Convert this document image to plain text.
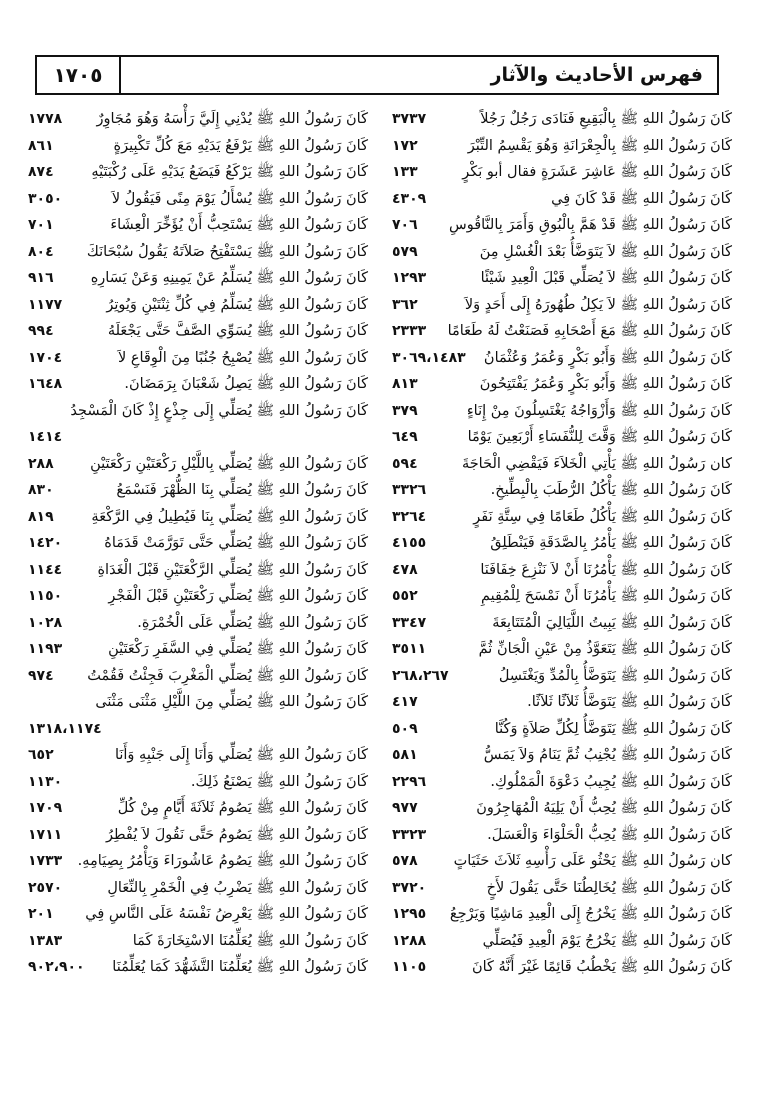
١٧٠٥	فهرس الأحاديث والآثار
كَانَ رَسُولُ اللهِ ﷺ بِالْبَقِيعِ فَنَادَى رَجُلٌ رَجُلاً
٣٧٣٧
كَانَ رَسُولُ اللهِ ﷺ بِالْجِعْرَانَةِ وَهُوَ يَقْسِمُ التِّبْرَ
١٧٢
كَانَ رَسُولُ اللهِ ﷺ عَاشِرَ عَشَرَةٍ فقال أبو بَكْرٍ
١٣٣
كَانَ رَسُولُ اللهِ ﷺ قَدْ كَانَ فِي
٤٣٠٩
كَانَ رَسُولُ اللهِ ﷺ قَدْ هَمَّ بِالْبُوقِ وَأَمَرَ بِالنَّاقُوسِ
٧٠٦
كَانَ رَسُولُ اللهِ ﷺ لاَ يَتَوَضَّأُ بَعْدَ الْغُسْلِ مِنَ
٥٧٩
كَانَ رَسُولُ اللهِ ﷺ لاَ يُصَلِّي قَبْلَ الْعِيدِ شَيْئًا
١٢٩٣
كَانَ رَسُولُ اللهِ ﷺ لاَ يَكِلُ طُهُورَهُ إِلَى أَحَدٍ وَلاَ
٣٦٢
كَانَ رَسُولُ اللهِ ﷺ مَعَ أَصْحَابِهِ فَصَنَعْتُ لَهُ طَعَامًا
٢٣٣٣
كَانَ رَسُولُ اللهِ ﷺ وَأَبُو بَكْرٍ وَعُمَرُ وَعُثْمَانُ
٣٠٦٩،١٤٨٣
كَانَ رَسُولُ اللهِ ﷺ وَأَبُو بَكْرٍ وَعُمَرُ يَفْتَتِحُونَ
٨١٣
كَانَ رَسُولُ اللهِ ﷺ وَأَزْوَاجُهُ يَغْتَسِلُونَ مِنْ إِنَاءٍ
٣٧٩
كَانَ رَسُولُ اللهِ ﷺ وَقَّتَ لِلنُّفَسَاءِ أَرْبَعِينَ يَوْمًا
٦٤٩
كان رَسُولُ اللهِ ﷺ يَأْتِي الْخَلاَءَ فَيَقْضِي الْحَاجَةَ
٥٩٤
كَانَ رَسُولُ اللهِ ﷺ يَأْكُلُ الرُّطَبَ بِالْبِطِّيخِ.
٣٣٢٦
كَانَ رَسُولُ اللهِ ﷺ يَأْكُلُ طَعَامًا فِي سِتَّةِ نَفَرٍ
٣٢٦٤
كَانَ رَسُولُ اللهِ ﷺ يَأْمُرُ بِالصَّدَقَةِ فَيَنْطَلِقُ
٤١٥٥
كَانَ رَسُولُ اللهِ ﷺ يَأْمُرُنَا أَنْ لاَ نَنْزِعَ خِفَافَنَا
٤٧٨
كَانَ رَسُولُ اللهِ ﷺ يَأْمُرُنَا أَنْ نَمْسَحَ لِلْمُقِيمِ
٥٥٢
كَانَ رَسُولُ اللهِ ﷺ يَبِيتُ اللَّيَالِيَ الْمُتَتَابِعَةَ
٣٣٤٧
كَانَ رَسُولُ اللهِ ﷺ يَتَعَوَّذُ مِنْ عَيْنِ الْجَانِّ ثُمَّ
٣٥١١
كَانَ رَسُولُ اللهِ ﷺ يَتَوَضَّأُ بِالْمُدِّ وَيَغْتَسِلُ
٢٦٨،٢٦٧
كَانَ رَسُولُ اللهِ ﷺ يَتَوَضَّأُ ثَلاَثًا ثَلاَثًا.
٤١٧
كَانَ رَسُولُ اللهِ ﷺ يَتَوَضَّأُ لِكُلِّ صَلاَةٍ وَكُنَّا
٥٠٩
كَانَ رَسُولُ اللهِ ﷺ يُجْنِبُ ثُمَّ يَنَامُ وَلاَ يَمَسُّ
٥٨١
كَانَ رَسُولُ اللهِ ﷺ يُجِيبُ دَعْوَةَ الْمَمْلُوكِ.
٢٢٩٦
كَانَ رَسُولُ اللهِ ﷺ يُحِبُّ أَنْ يَلِيَهُ الْمُهَاجِرُونَ
٩٧٧
كَانَ رَسُولُ اللهِ ﷺ يُحِبُّ الْحَلْوَاءَ وَالْعَسَلَ.
٣٣٢٣
كان رَسُولُ اللهِ ﷺ يَحْثُو عَلَى رَأْسِهِ ثَلاَثَ حَثَيَاتٍ
٥٧٨
كَانَ رَسُولُ اللهِ ﷺ يُخَالِطُنَا حَتَّى يَقُولَ لأَخٍ
٣٧٢٠
كَانَ رَسُولُ اللهِ ﷺ يَخْرُجُ إِلَى الْعِيدِ مَاشِيًا وَيَرْجِعُ
١٢٩٥
كَانَ رَسُولُ اللهِ ﷺ يَخْرُجُ يَوْمَ الْعِيدِ فَيُصَلِّي
١٢٨٨
كَانَ رَسُولُ اللهِ ﷺ يَخْطُبُ قَائِمًا غَيْرَ أَنَّهُ كَانَ
١١٠٥
كَانَ رَسُولُ اللهِ ﷺ يُدْنِي إِلَيَّ رَأْسَهُ وَهُوَ مُجَاوِرٌ
١٧٧٨
كَانَ رَسُولُ اللهِ ﷺ يَرْفَعُ يَدَيْهِ مَعَ كُلِّ تَكْبِيرَةٍ
٨٦١
كَانَ رَسُولُ اللهِ ﷺ يَرْكَعُ فَيَضَعُ يَدَيْهِ عَلَى رُكْبَتَيْهِ
٨٧٤
كَانَ رَسُولُ اللهِ ﷺ يُسْأَلُ يَوْمَ مِنًى فَيَقُولُ لاَ
٣٠٥٠
كَانَ رَسُولُ اللهِ ﷺ يَسْتَحِبُّ أَنْ يُؤَخِّرَ الْعِشَاءَ
٧٠١
كَانَ رَسُولُ اللهِ ﷺ يَسْتَفْتِحُ صَلاَتَهُ يَقُولُ سُبْحَانَكَ
٨٠٤
كَانَ رَسُولُ اللهِ ﷺ يُسَلِّمُ عَنْ يَمِينِهِ وَعَنْ يَسَارِهِ
٩١٦
كَانَ رَسُولُ اللهِ ﷺ يُسَلِّمُ فِي كُلِّ ثِنْتَيْنِ وَيُوتِرُ
١١٧٧
كَانَ رَسُولُ اللهِ ﷺ يُسَوِّي الصَّفَّ حَتَّى يَجْعَلَهُ
٩٩٤
كَانَ رَسُولُ اللهِ ﷺ يُصْبِحُ جُنُبًا مِنَ الْوِقَاعِ لاَ
١٧٠٤
كَانَ رَسُولُ اللهِ ﷺ يَصِلُ شَعْبَانَ بِرَمَضَانَ.
١٦٤٨
كَانَ رَسُولُ اللهِ ﷺ يُصَلِّي إِلَى جِذْعٍ إِذْ كَانَ الْمَسْجِدُ
١٤١٤
كَانَ رَسُولُ اللهِ ﷺ يُصَلِّي بِاللَّيْلِ رَكْعَتَيْنِ رَكْعَتَيْنِ
٢٨٨
كَانَ رَسُولُ اللهِ ﷺ يُصَلِّي بِنَا الظُّهْرَ فَنَسْمَعُ
٨٣٠
كَانَ رَسُولُ اللهِ ﷺ يُصَلِّي بِنَا فَيُطِيلُ فِي الرَّكْعَةِ
٨١٩
كَانَ رَسُولُ اللهِ ﷺ يُصَلِّي حَتَّى تَوَرَّمَتْ قَدَمَاهُ
١٤٢٠
كَانَ رَسُولُ اللهِ ﷺ يُصَلِّي الرَّكْعَتَيْنِ قَبْلَ الْغَدَاةِ
١١٤٤
كَانَ رَسُولُ اللهِ ﷺ يُصَلِّي رَكْعَتَيْنِ قَبْلَ الْفَجْرِ
١١٥٠
كَانَ رَسُولُ اللهِ ﷺ يُصَلِّي عَلَى الْخُمْرَةِ.
١٠٢٨
كَانَ رَسُولُ اللهِ ﷺ يُصَلِّي فِي السَّفَرِ رَكْعَتَيْنِ
١١٩٣
كَانَ رَسُولُ اللهِ ﷺ يُصَلِّي الْمَغْرِبَ فَجِئْتُ فَقُمْتُ
٩٧٤
كَانَ رَسُولُ اللهِ ﷺ يُصَلِّي مِنَ اللَّيْلِ مَثْنَى مَثْنَى
١٣١٨،١١٧٤
كَانَ رَسُولُ اللهِ ﷺ يُصَلِّي وَأَنَا إِلَى جَنْبِهِ وَأَنَا
٦٥٢
كَانَ رَسُولُ اللهِ ﷺ يَصْنَعُ ذَلِكَ.
١١٣٠
كَانَ رَسُولُ اللهِ ﷺ يَصُومُ ثَلاَثَةَ أَيَّامٍ مِنْ كُلِّ
١٧٠٩
كَانَ رَسُولُ اللهِ ﷺ يَصُومُ حَتَّى نَقُولَ لاَ يُفْطِرُ
١٧١١
كَانَ رَسُولُ اللهِ ﷺ يَصُومُ عَاشُورَاءَ وَيَأْمُرُ بِصِيَامِهِ.
١٧٣٣
كَانَ رَسُولُ اللهِ ﷺ يَضْرِبُ فِي الْخَمْرِ بِالنِّعَالِ
٢٥٧٠
كَانَ رَسُولُ اللهِ ﷺ يَعْرِضُ نَفْسَهُ عَلَى النَّاسِ فِي
٢٠١
كَانَ رَسُولُ اللهِ ﷺ يُعَلِّمُنَا الاسْتِخَارَةَ كَمَا
١٣٨٣
كَانَ رَسُولُ اللهِ ﷺ يُعَلِّمُنَا التَّشَهُّدَ كَمَا يُعَلِّمُنَا
٩٠٢،٩٠٠
